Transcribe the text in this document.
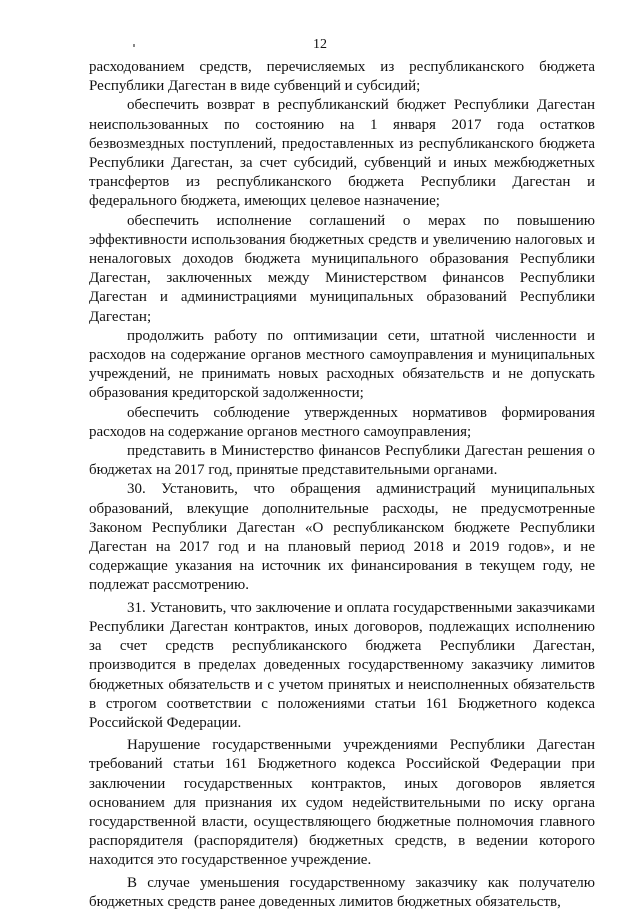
12

расходованием средств, перечисляемых из республиканского бюджета Республики Дагестан в виде субвенций и субсидий;

обеспечить возврат в республиканский бюджет Республики Дагестан неиспользованных по состоянию на 1 января 2017 года остатков безвозмездных поступлений, предоставленных из республиканского бюджета Республики Дагестан, за счет субсидий, субвенций и иных межбюджетных трансфертов из республиканского бюджета Республики Дагестан и федерального бюджета, имеющих целевое назначение;

обеспечить исполнение соглашений о мерах по повышению эффективности использования бюджетных средств и увеличению налоговых и неналоговых доходов бюджета муниципального образования Республики Дагестан, заключенных между Министерством финансов Республики Дагестан и администрациями муниципальных образований Республики Дагестан;

продолжить работу по оптимизации сети, штатной численности и расходов на содержание органов местного самоуправления и муниципальных учреждений, не принимать новых расходных обязательств и не допускать образования кредиторской задолженности;

обеспечить соблюдение утвержденных нормативов формирования расходов на содержание органов местного самоуправления;

представить в Министерство финансов Республики Дагестан решения о бюджетах на 2017 год, принятые представительными органами.

30. Установить, что обращения администраций муниципальных образований, влекущие дополнительные расходы, не предусмотренные Законом Республики Дагестан «О республиканском бюджете Республики Дагестан на 2017 год и на плановый период 2018 и 2019 годов», и не содержащие указания на источник их финансирования в текущем году, не подлежат рассмотрению.

31. Установить, что заключение и оплата государственными заказчиками Республики Дагестан контрактов, иных договоров, подлежащих исполнению за счет средств республиканского бюджета Республики Дагестан, производится в пределах доведенных государственному заказчику лимитов бюджетных обязательств и с учетом принятых и неисполненных обязательств в строгом соответствии с положениями статьи 161 Бюджетного кодекса Российской Федерации.

Нарушение государственными учреждениями Республики Дагестан требований статьи 161 Бюджетного кодекса Российской Федерации при заключении государственных контрактов, иных договоров является основанием для признания их судом недействительными по иску органа государственной власти, осуществляющего бюджетные полномочия главного распорядителя (распорядителя) бюджетных средств, в ведении которого находится это государственное учреждение.

В случае уменьшения государственному заказчику как получателю бюджетных средств ранее доведенных лимитов бюджетных обязательств,
